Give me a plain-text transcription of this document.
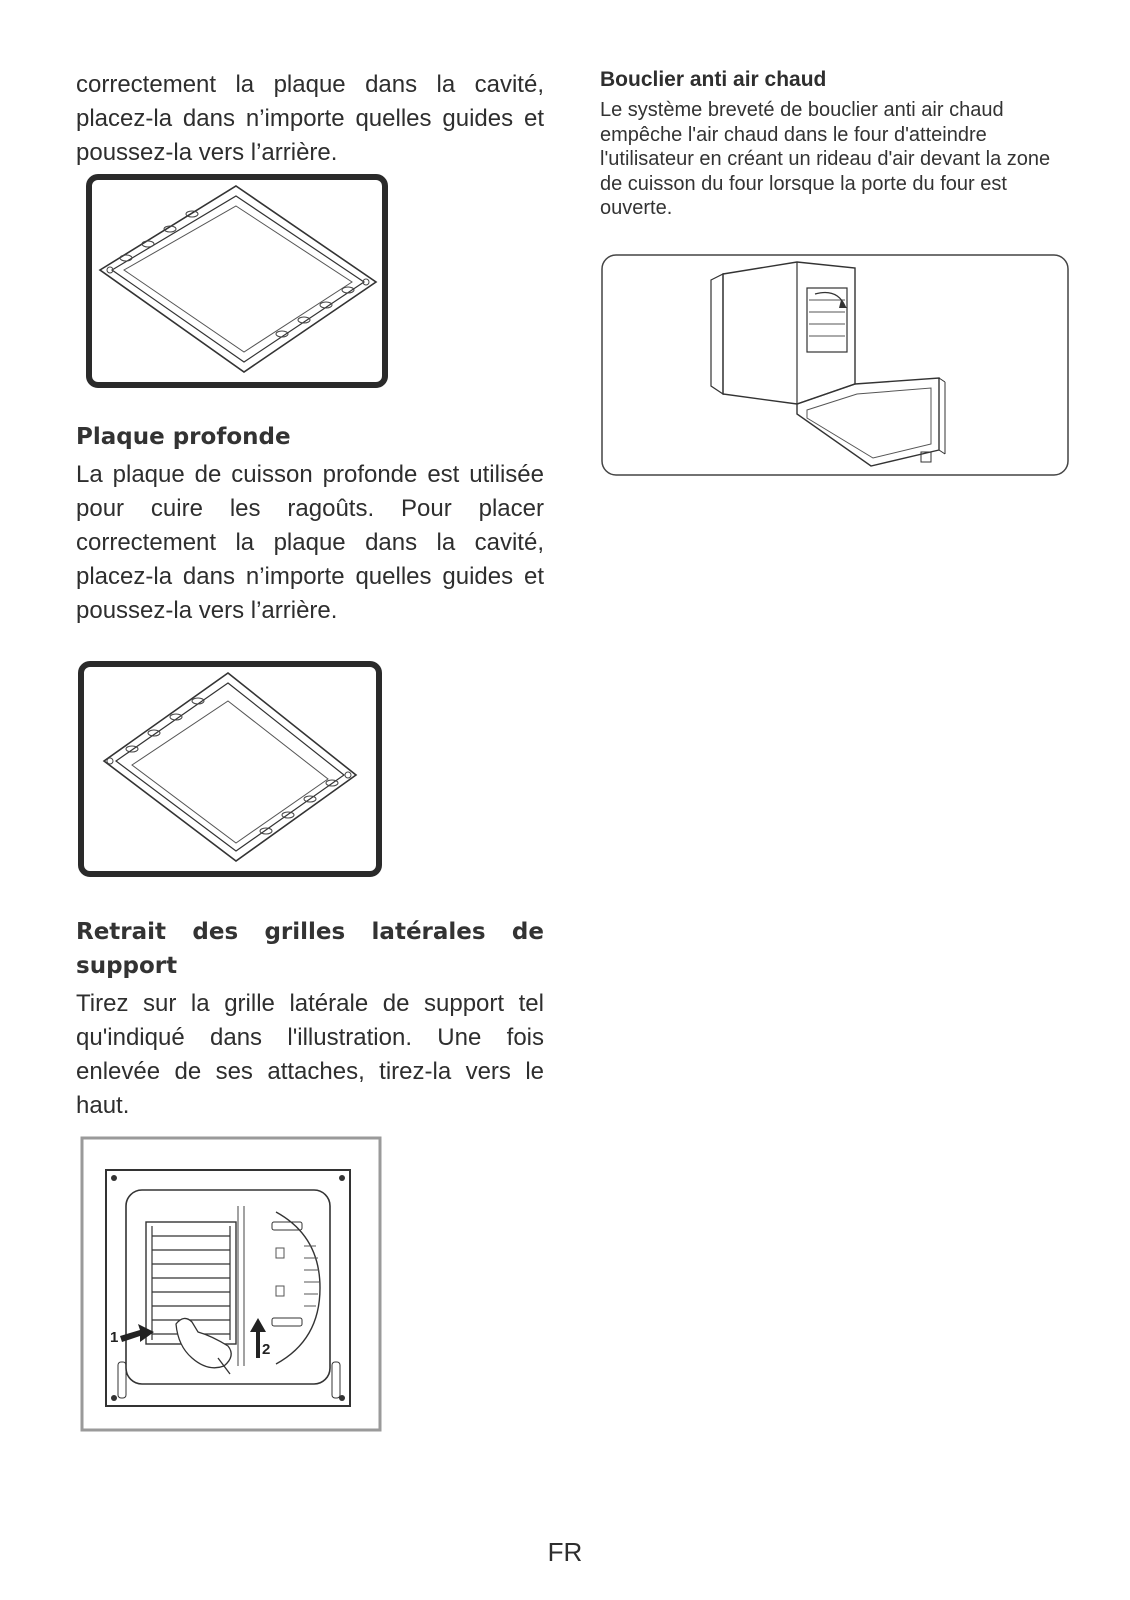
correctement la plaque dans la cavité, placez-la dans n’importe quelles guides et poussez-la vers l’arrière.

Plaque profonde

La plaque de cuisson profonde est utilisée pour cuire les ragoûts. Pour placer correctement la plaque dans la cavité, placez-la dans n’importe quelles guides et poussez-la vers l’arrière.

Retrait des grilles latérales de support

Tirez sur la grille latérale de support tel qu'indiqué dans l'illustration. Une fois enlevée de ses attaches, tirez-la vers le haut.

1
2
Bouclier anti air chaud

Le système breveté de bouclier anti air chaud empêche l'air chaud dans le four d'atteindre l'utilisateur en créant un rideau d'air devant la zone de cuisson du four lorsque la porte du four est ouverte.

FR
